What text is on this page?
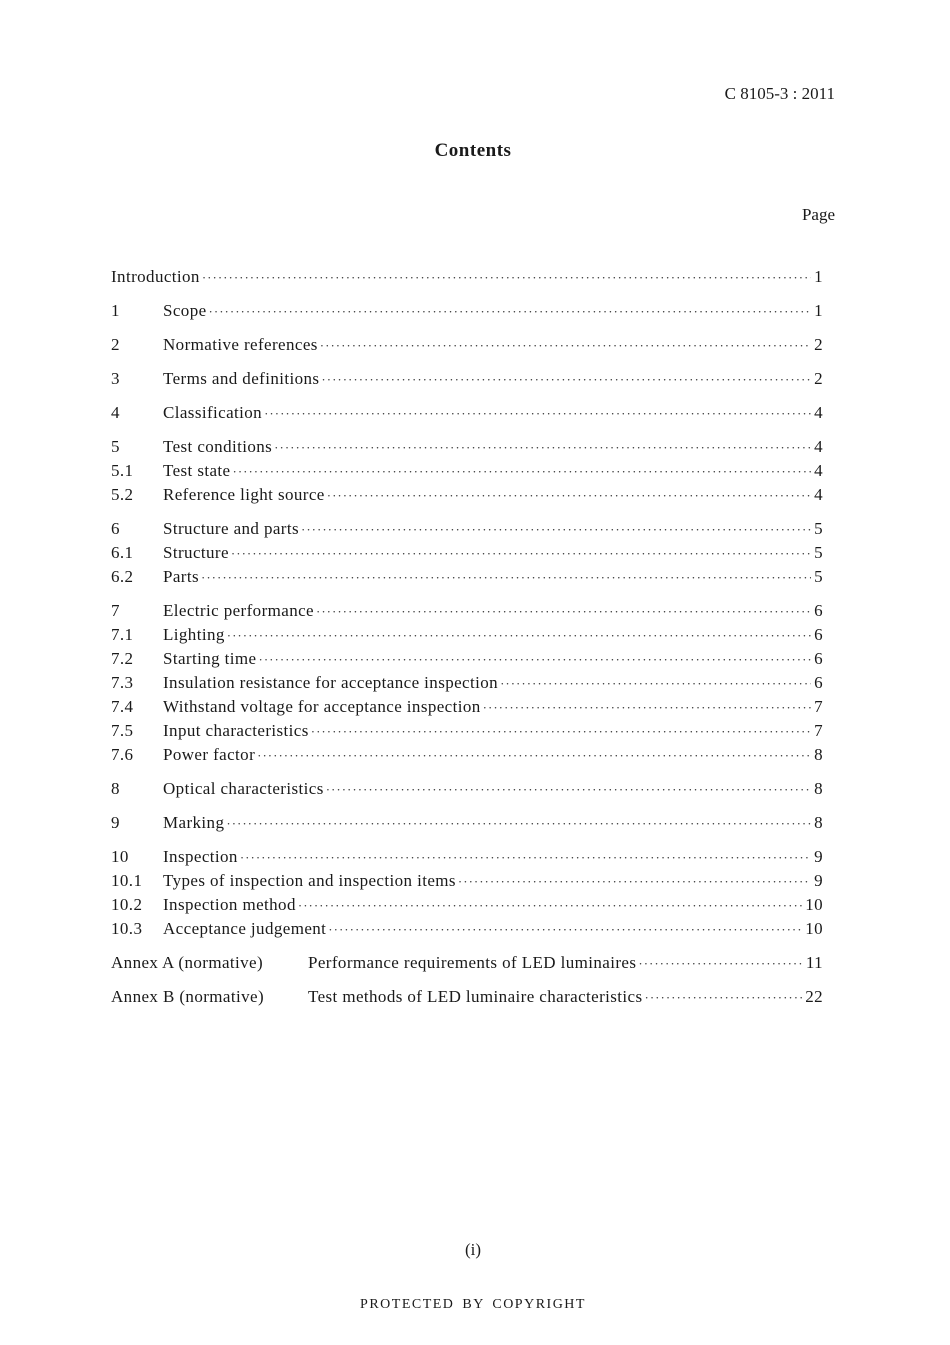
C 8105-3 : 2011
Contents
Page
Introduction ·····	1
1	Scope ·····	1
2	Normative references ·····	2
3	Terms and definitions ·····	2
4	Classification ·····	4
5	Test conditions ·····	4
5.1	Test state ·····	4
5.2	Reference light source ·····	4
6	Structure and parts ·····	5
6.1	Structure ·····	5
6.2	Parts ·····	5
7	Electric performance ·····	6
7.1	Lighting ·····	6
7.2	Starting time ·····	6
7.3	Insulation resistance for acceptance inspection ·····	6
7.4	Withstand voltage for acceptance inspection ·····	7
7.5	Input characteristics ·····	7
7.6	Power factor ·····	8
8	Optical characteristics ·····	8
9	Marking ·····	8
10	Inspection ·····	9
10.1	Types of inspection and inspection items ·····	9
10.2	Inspection method ·····	10
10.3	Acceptance judgement ·····	10
Annex A (normative)	Performance requirements of LED luminaires ·····	11
Annex B (normative)	Test methods of LED luminaire characteristics ·····	22
(i)
PROTECTED BY COPYRIGHT
